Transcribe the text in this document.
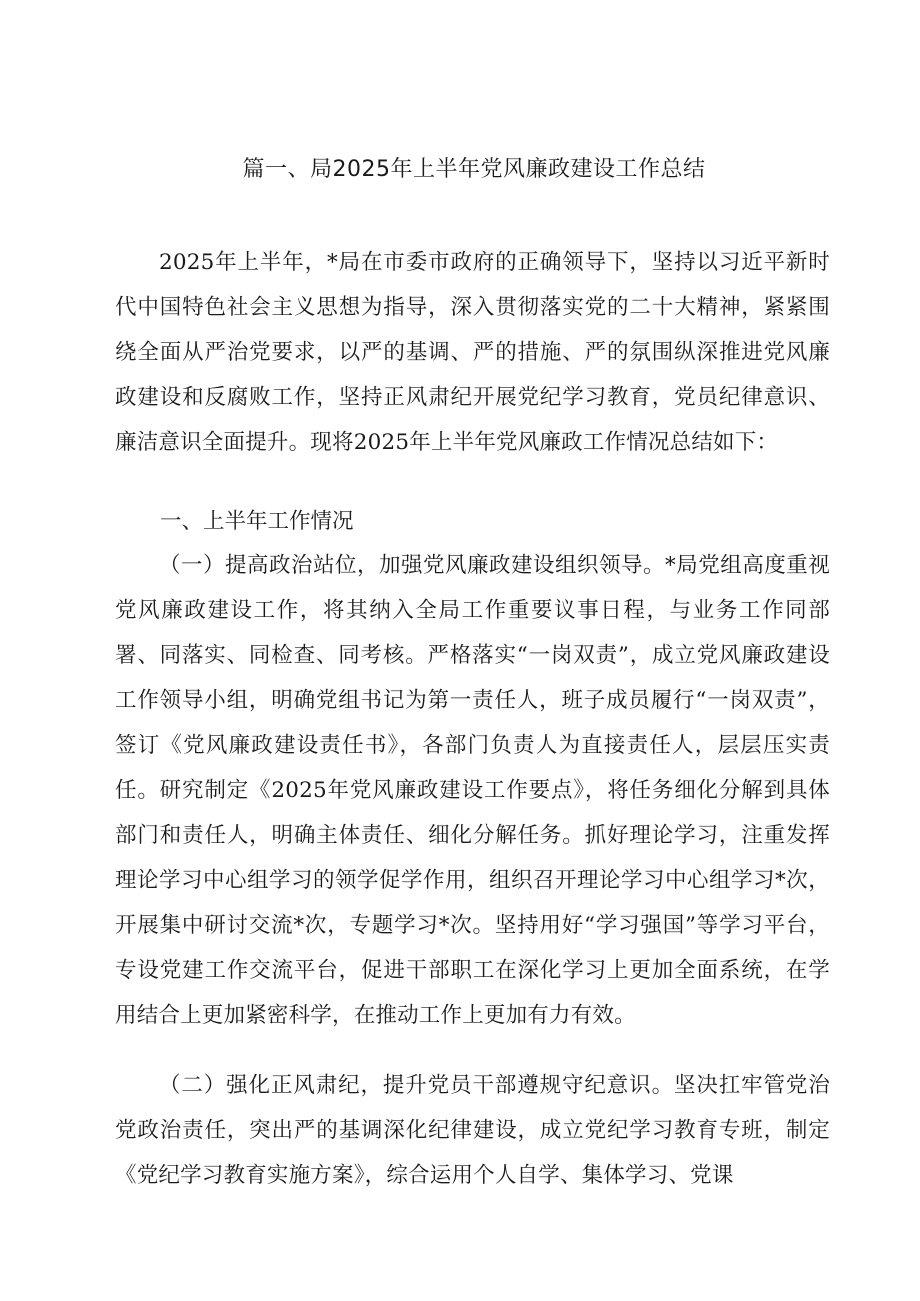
篇一、局2025年上半年党风廉政建设工作总结

2025年上半年，*局在市委市政府的正确领导下，坚持以习近平新时代中国特色社会主义思想为指导，深入贯彻落实党的二十大精神，紧紧围绕全面从严治党要求，以严的基调、严的措施、严的氛围纵深推进党风廉政建设和反腐败工作，坚持正风肃纪开展党纪学习教育，党员纪律意识、廉洁意识全面提升。现将2025年上半年党风廉政工作情况总结如下：

一、上半年工作情况

（一）提高政治站位，加强党风廉政建设组织领导。*局党组高度重视党风廉政建设工作，将其纳入全局工作重要议事日程，与业务工作同部署、同落实、同检查、同考核。严格落实“一岗双责”，成立党风廉政建设工作领导小组，明确党组书记为第一责任人，班子成员履行“一岗双责”，签订《党风廉政建设责任书》，各部门负责人为直接责任人，层层压实责任。研究制定《2025年党风廉政建设工作要点》，将任务细化分解到具体部门和责任人，明确主体责任、细化分解任务。抓好理论学习，注重发挥理论学习中心组学习的领学促学作用，组织召开理论学习中心组学习*次，开展集中研讨交流*次，专题学习*次。坚持用好“学习强国”等学习平台，专设党建工作交流平台，促进干部职工在深化学习上更加全面系统，在学用结合上更加紧密科学，在推动工作上更加有力有效。

（二）强化正风肃纪，提升党员干部遵规守纪意识。坚决扛牢管党治党政治责任，突出严的基调深化纪律建设，成立党纪学习教育专班，制定《党纪学习教育实施方案》，综合运用个人自学、集体学习、党课
